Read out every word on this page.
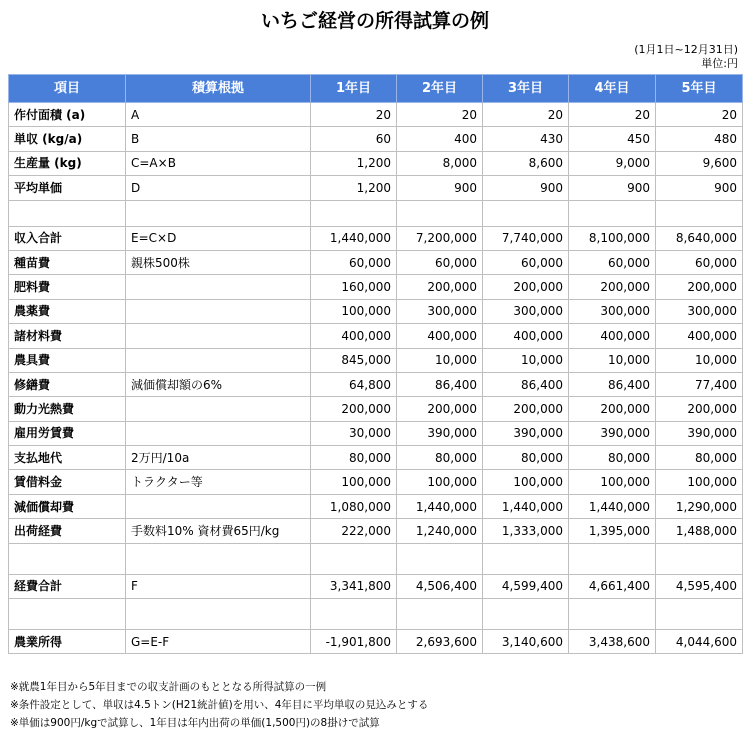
いちご経営の所得試算の例
(1月1日~12月31日)
単位:円
項目	積算根拠	1年目	2年目	3年目	4年目	5年目
作付面積 (a)	A	20	20	20	20	20
単収 (kg/a)	B	60	400	430	450	480
生産量 (kg)	C=A×B	1,200	8,000	8,600	9,000	9,600
平均単価	D	1,200	900	900	900	900

収入合計	E=C×D	1,440,000	7,200,000	7,740,000	8,100,000	8,640,000
種苗費	親株500株	60,000	60,000	60,000	60,000	60,000
肥料費		160,000	200,000	200,000	200,000	200,000
農薬費		100,000	300,000	300,000	300,000	300,000
諸材料費		400,000	400,000	400,000	400,000	400,000
農具費		845,000	10,000	10,000	10,000	10,000
修繕費	減価償却額の6%	64,800	86,400	86,400	86,400	77,400
動力光熱費		200,000	200,000	200,000	200,000	200,000
雇用労賃費		30,000	390,000	390,000	390,000	390,000
支払地代	2万円/10a	80,000	80,000	80,000	80,000	80,000
賃借料金	トラクター等	100,000	100,000	100,000	100,000	100,000
減価償却費		1,080,000	1,440,000	1,440,000	1,440,000	1,290,000
出荷経費	手数料10% 資材費65円/kg	222,000	1,240,000	1,333,000	1,395,000	1,488,000

経費合計	F	3,341,800	4,506,400	4,599,400	4,661,400	4,595,400

農業所得	G=E-F	-1,901,800	2,693,600	3,140,600	3,438,600	4,044,600
※就農1年目から5年目までの収支計画のもととなる所得試算の一例
※条件設定として、単収は4.5トン(H21統計値)を用い、4年目に平均単収の見込みとする
※単価は900円/kgで試算し、1年目は年内出荷の単価(1,500円)の8掛けで試算
